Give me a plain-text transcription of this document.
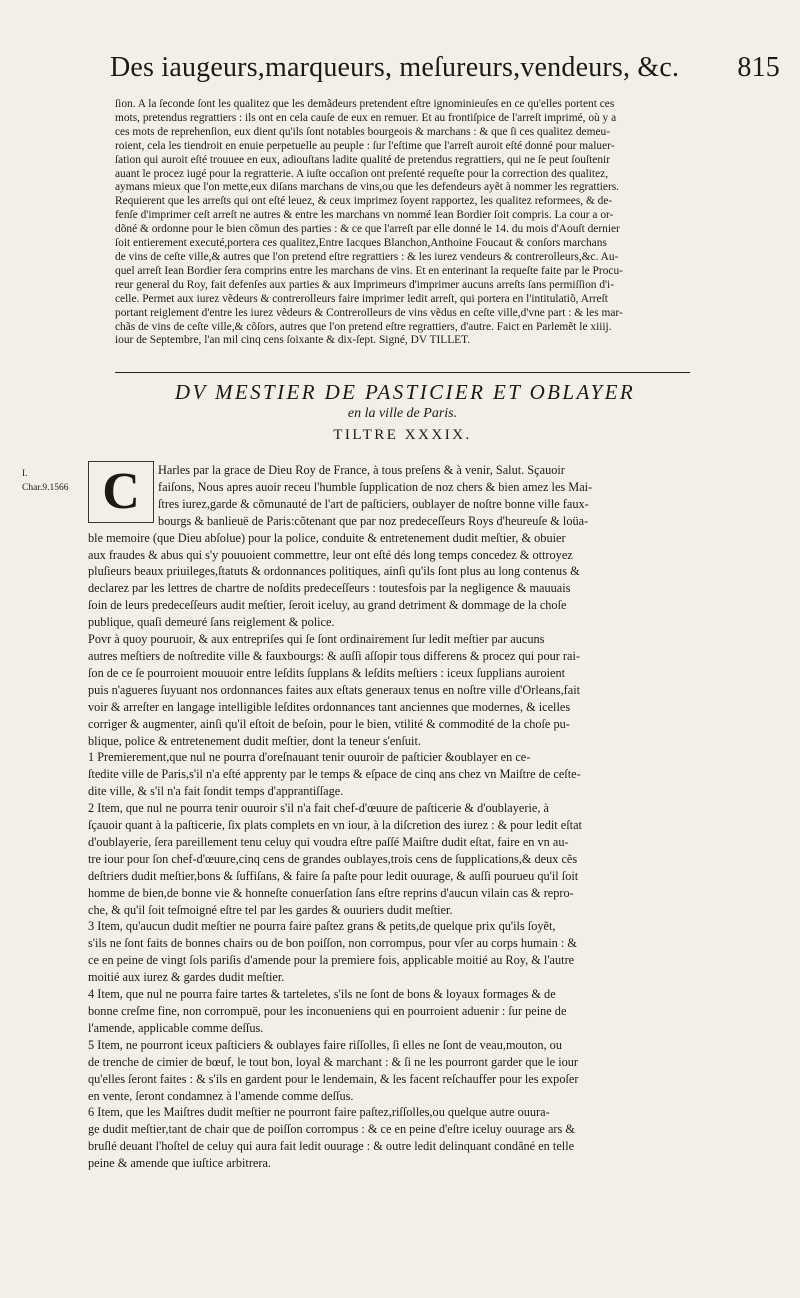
Des iaugeurs,marqueurs, meſureurs,vendeurs, &c. 815

ſion. A la ſeconde ſont les qualitez que les demãdeurs pretendent eſtre ignominieuſes en ce qu'elles portent ces

mots, pretendus regrattiers : ils ont en cela cauſe de eux en remuer. Et au frontiſpice de l'arreſt imprimé, où y a

ces mots de reprehenſion, eux dient qu'ils ſont notables bourgeois & marchans : & que ſi ces qualitez demeu-

roient, cela les tiendroit en enuie perpetuelle au peuple : ſur l'eſtime que l'arreſt auroit eſté donné pour maluer-

ſation qui auroit eſté trouuee en eux, adiouſtans ladite qualité de pretendus regrattiers, qui ne ſe peut ſouſtenir

auant le procez iugé pour la regratterie. A iuſte occaſion ont preſenté requeſte pour la correction des qualitez,

aymans mieux que l'on mette,eux diſans marchans de vins,ou que les defendeurs ayẽt à nommer les regrattiers.

Requierent que les arreſts qui ont eſté leuez, & ceux imprimez ſoyent rapportez, les qualitez reformees, & de-

fenſe d'imprimer ceſt arreſt ne autres & entre les marchans vn nommé Iean Bordier ſoit compris. La cour a or-

dõné & ordonne pour le bien cõmun des parties : & ce que l'arreſt par elle donné le 14. du mois d'Aouſt dernier

ſoit entierement executé,portera ces qualitez,Entre Iacques Blanchon,Anthoine Foucaut & conſors marchans

de vins de ceſte ville,& autres que l'on pretend eſtre regrattiers : & les iurez vendeurs & contrerolleurs,&c. Au-

quel arreſt Iean Bordier ſera comprins entre les marchans de vins. Et en enterinant la requeſte faite par le Procu-

reur general du Roy, fait defenſes aux parties & aux Imprimeurs d'imprimer aucuns arreſts ſans permiſſion d'i-

celle. Permet aux iurez vẽdeurs & contrerolleurs faire imprimer ledit arreſt, qui portera en l'intitulatiõ, Arreſt

portant reiglement d'entre les iurez vẽdeurs & Contrerolleurs de vins vẽdus en ceſte ville,d'vne part : & les mar-

chãs de vins de ceſte ville,& cõſors, autres que l'on pretend eſtre regrattiers, d'autre. Faict en Parlemẽt le xiiij.

iour de Septembre, l'an mil cinq cens ſoixante & dix-ſept. Signé, DV TILLET.

DV MESTIER DE PASTICIER ET OBLAYER
en la ville de Paris.
TILTRE XXXIX.
I.
Char.9.1566

Harles par la grace de Dieu Roy de France, à tous preſens & à venir, Salut. Sçauoir

faiſons, Nous apres auoir receu l'humble ſupplication de noz chers & bien amez les Mai-

ſtres iurez,garde & cõmunauté de l'art de paſticiers, oublayer de noſtre bonne ville faux-

bourgs & banlieuë de Paris:cõtenant que par noz predeceſſeurs Roys d'heureuſe & loüa-

ble memoire (que Dieu abſolue) pour la police, conduite & entretenement dudit meſtier, & obuier

aux fraudes & abus qui s'y pouuoient commettre, leur ont eſté dés long temps concedez & ottroyez

pluſieurs beaux priuileges,ſtatuts & ordonnances politiques, ainſi qu'ils ſont plus au long contenus &

declarez par les lettres de chartre de noſdits predeceſſeurs : toutesfois par la negligence & mauuais

ſoin de leurs predeceſſeurs audit meſtier, ſeroit iceluy, au grand detriment & dommage de la choſe

publique, quaſi demeuré ſans reiglement & police.

Povr à quoy pouruoir, & aux entrepriſes qui ſe ſont ordinairement ſur ledit meſtier par aucuns

autres meſtiers de noſtredite ville & fauxbourgs: & auſſi aſſopir tous differens & procez qui pour rai-

ſon de ce ſe pourroient mouuoir entre leſdits ſupplans & leſdits meſtiers : iceux ſupplians auroient

puis n'agueres ſuyuant nos ordonnances faites aux eſtats generaux tenus en noſtre ville d'Orleans,fait

voir & arreſter en langage intelligible leſdites ordonnances tant anciennes que modernes, & icelles

corriger & augmenter, ainſi qu'il eſtoit de beſoin, pour le bien, vtilité & commodité de la choſe pu-

blique, police & entretenement dudit meſtier, dont la teneur s'enſuit.

1 Premierement,que nul ne pourra d'oreſnauant tenir ouuroir de paſticier &oublayer en ce-

ſtedite ville de Paris,s'il n'a eſté apprenty par le temps & eſpace de cinq ans chez vn Maiſtre de ceſte-

dite ville, & s'il n'a fait ſondit temps d'apprantiſſage.

2 Item, que nul ne pourra tenir ouuroir s'il n'a fait chef-d'œuure de paſticerie & d'oublayerie, à

ſçauoir quant à la paſticerie, ſix plats complets en vn iour, à la diſcretion des iurez : & pour ledit eſtat

d'oublayerie, ſera pareillement tenu celuy qui voudra eſtre paſſé Maiſtre dudit eſtat, faire en vn au-

tre iour pour ſon chef-d'œuure,cinq cens de grandes oublayes,trois cens de ſupplications,& deux cẽs

deſtriers dudit meſtier,bons & ſuffiſans, & faire ſa paſte pour ledit ouurage, & auſſi pourueu qu'il ſoit

homme de bien,de bonne vie & honneſte conuerſation ſans eſtre reprins d'aucun vilain cas & repro-

che, & qu'il ſoit teſmoigné eſtre tel par les gardes & ouuriers dudit meſtier.

3 Item, qu'aucun dudit meſtier ne pourra faire paſtez grans & petits,de quelque prix qu'ils ſoyẽt,

s'ils ne ſont faits de bonnes chairs ou de bon poiſſon, non corrompus, pour vſer au corps humain : &

ce en peine de vingt ſols pariſis d'amende pour la premiere fois, applicable moitié au Roy, & l'autre

moitié aux iurez & gardes dudit meſtier.

4 Item, que nul ne pourra faire tartes & tarteletes, s'ils ne ſont de bons & loyaux formages & de

bonne creſme fine, non corrompuë, pour les inconueniens qui en pourroient aduenir : ſur peine de

l'amende, applicable comme deſſus.

5 Item, ne pourront iceux paſticiers & oublayes faire riſſolles, ſi elles ne ſont de veau,mouton, ou

de trenche de cimier de bœuf, le tout bon, loyal & marchant : & ſi ne les pourront garder que le iour

qu'elles ſeront faites : & s'ils en gardent pour le lendemain, & les facent reſchauffer pour les expoſer

en vente, ſeront condamnez à l'amende comme deſſus.

6 Item, que les Maiſtres dudit meſtier ne pourront faire paſtez,riſſolles,ou quelque autre ouura-

ge dudit meſtier,tant de chair que de poiſſon corrompus : & ce en peine d'eſtre iceluy ouurage ars &

bruſlé deuant l'hoſtel de celuy qui aura fait ledit ouurage : & outre ledit delinquant condãné en telle

peine & amende que iuſtice arbitrera.

C
